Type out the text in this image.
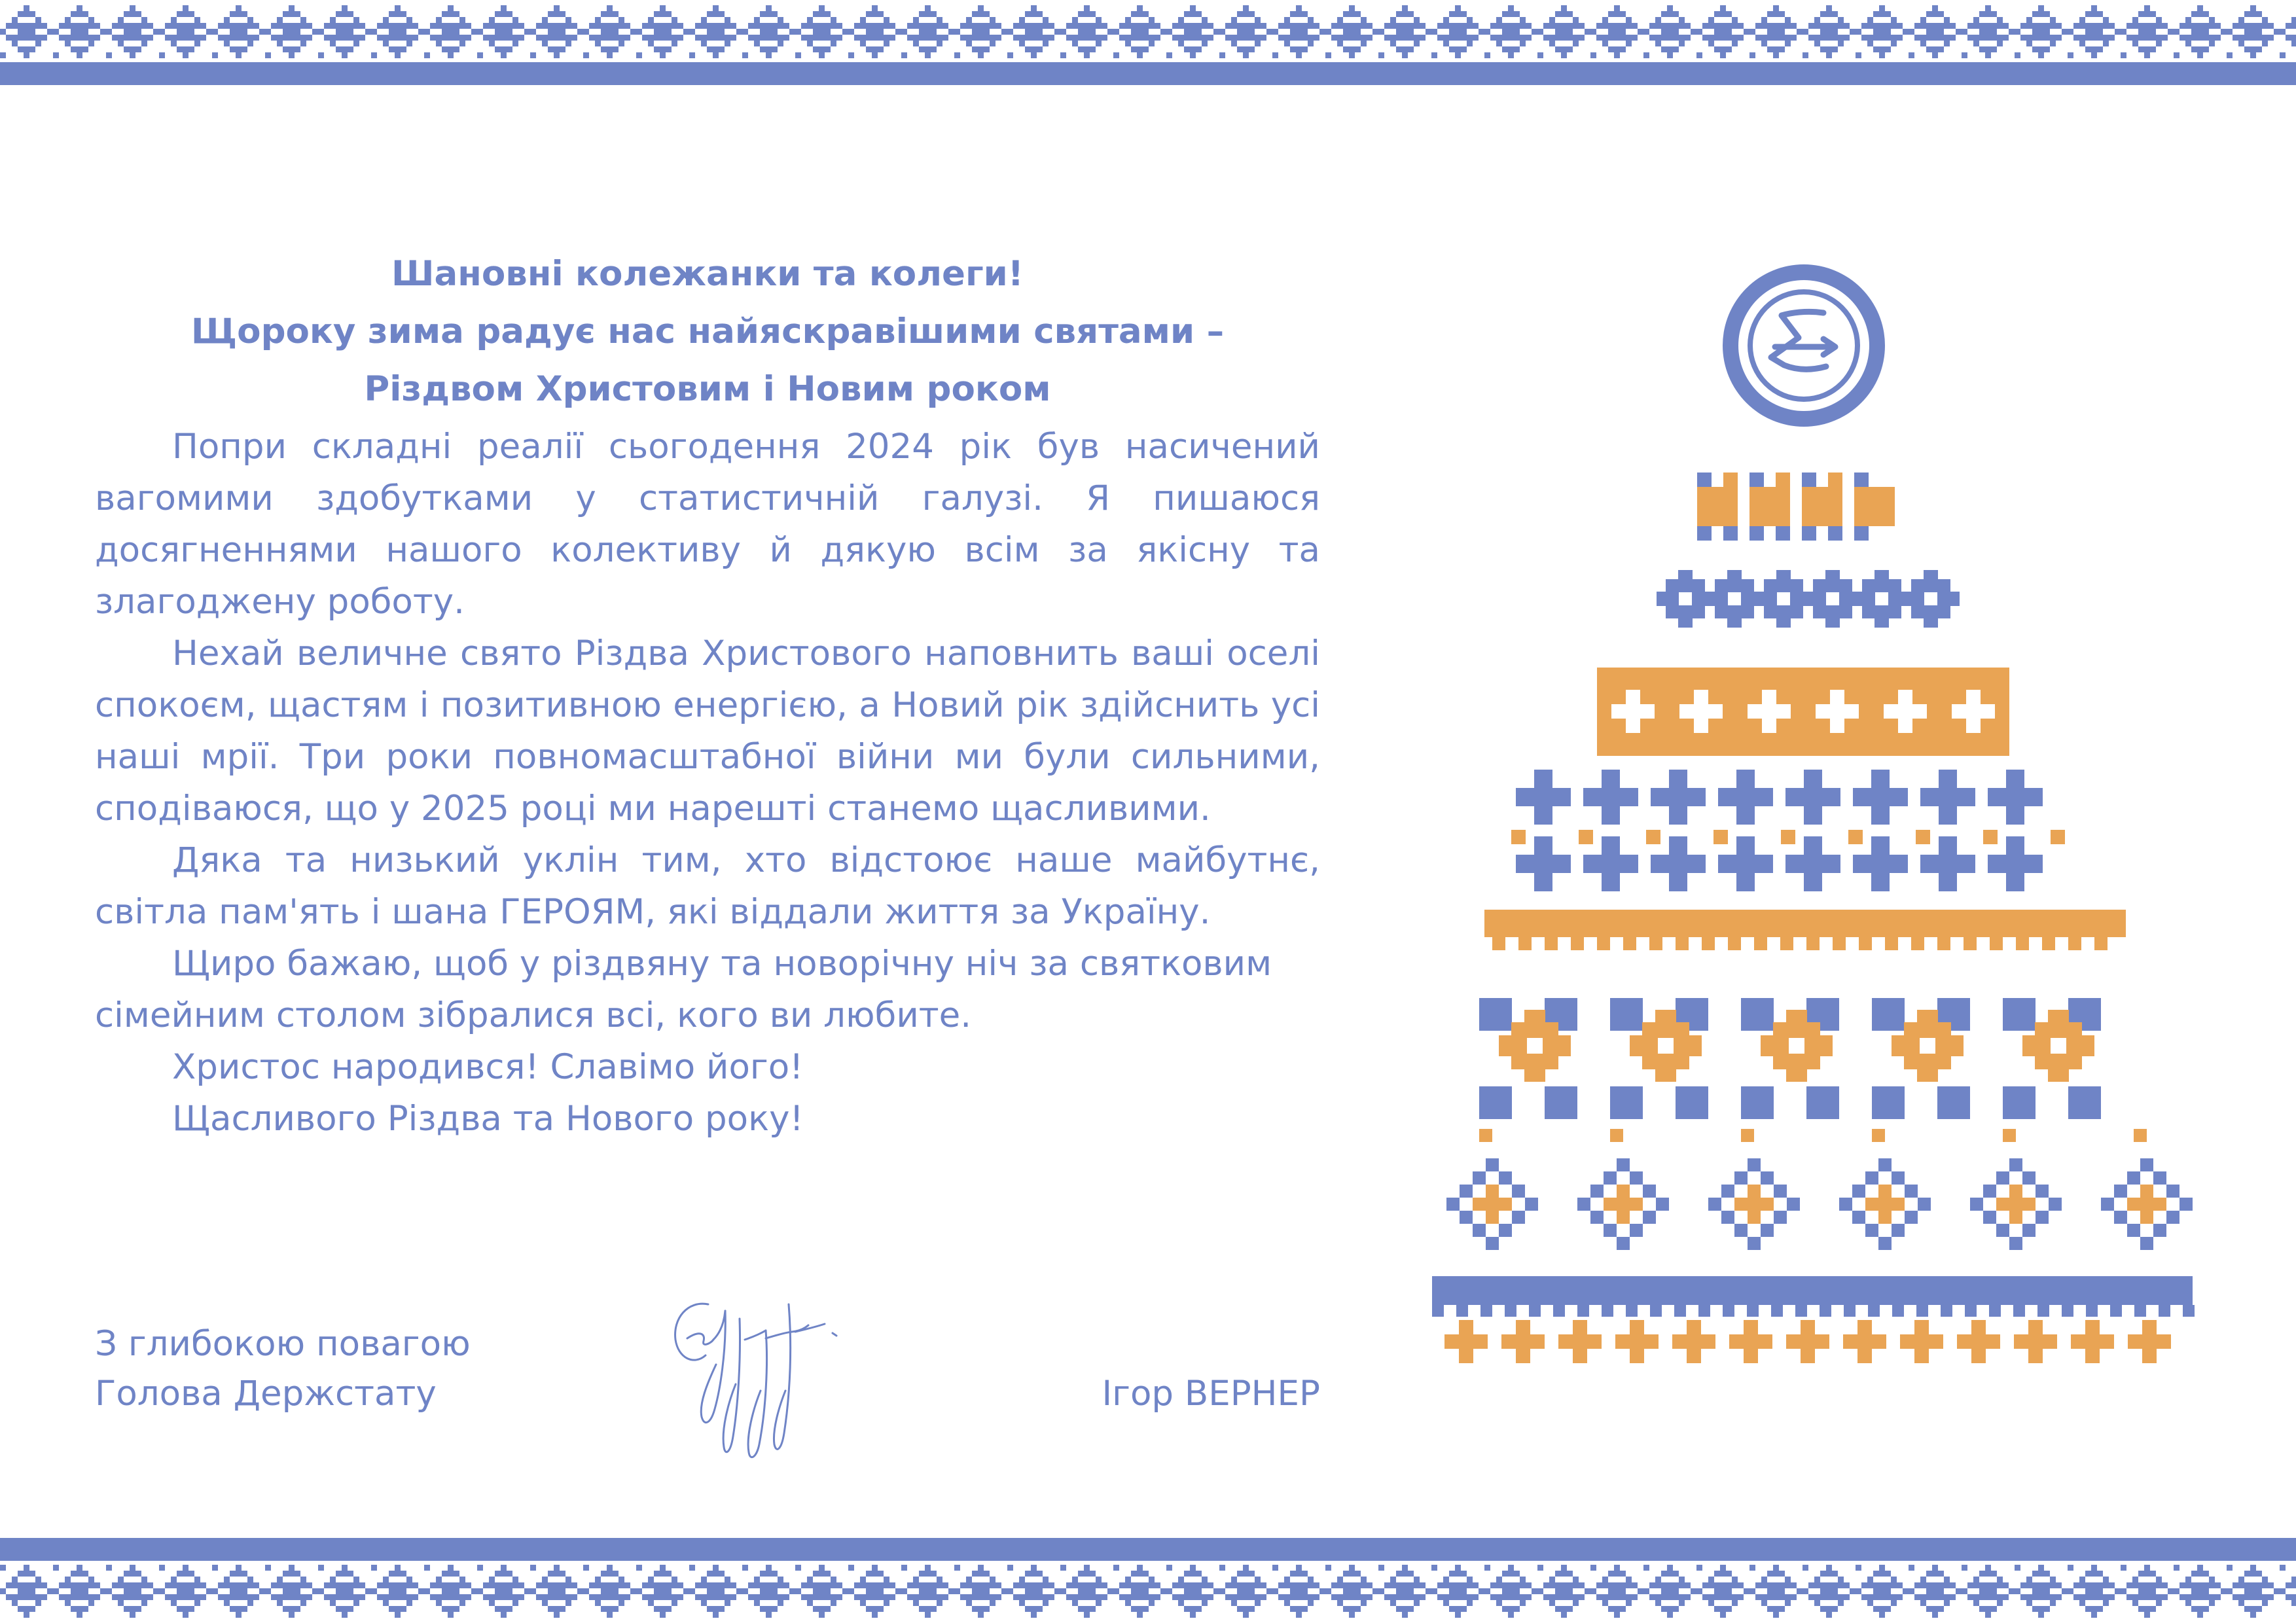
Шановні колежанки та колеги!
Щороку зима радує нас найяскравішими святами –
Різдвом Христовим і Новим роком

Попри складні реалії сьогодення 2024 рік був насичений вагомими здобутками у статистичній галузі. Я пишаюся досягненнями нашого колективу й дякую всім за якісну та злагоджену роботу.

Нехай величне свято Різдва Христового наповнить ваші оселі спокоєм, щастям і позитивною енергією, а Новий рік здійснить усі наші мрії. Три роки повномасштабної війни ми були сильними, сподіваюся, що у 2025 році ми нарешті станемо щасливими.

Дяка та низький уклін тим, хто відстоює наше майбутнє, світла пам'ять і шана ГЕРОЯМ, які віддали життя за Україну.

Щиро бажаю, щоб у різдвяну та новорічну ніч за святковим сімейним столом зібралися всі, кого ви любите.

Христос народився! Славімо його!

Щасливого Різдва та Нового року!

З глибокою повагою
Голова Держстату	Ігор ВЕРНЕР
